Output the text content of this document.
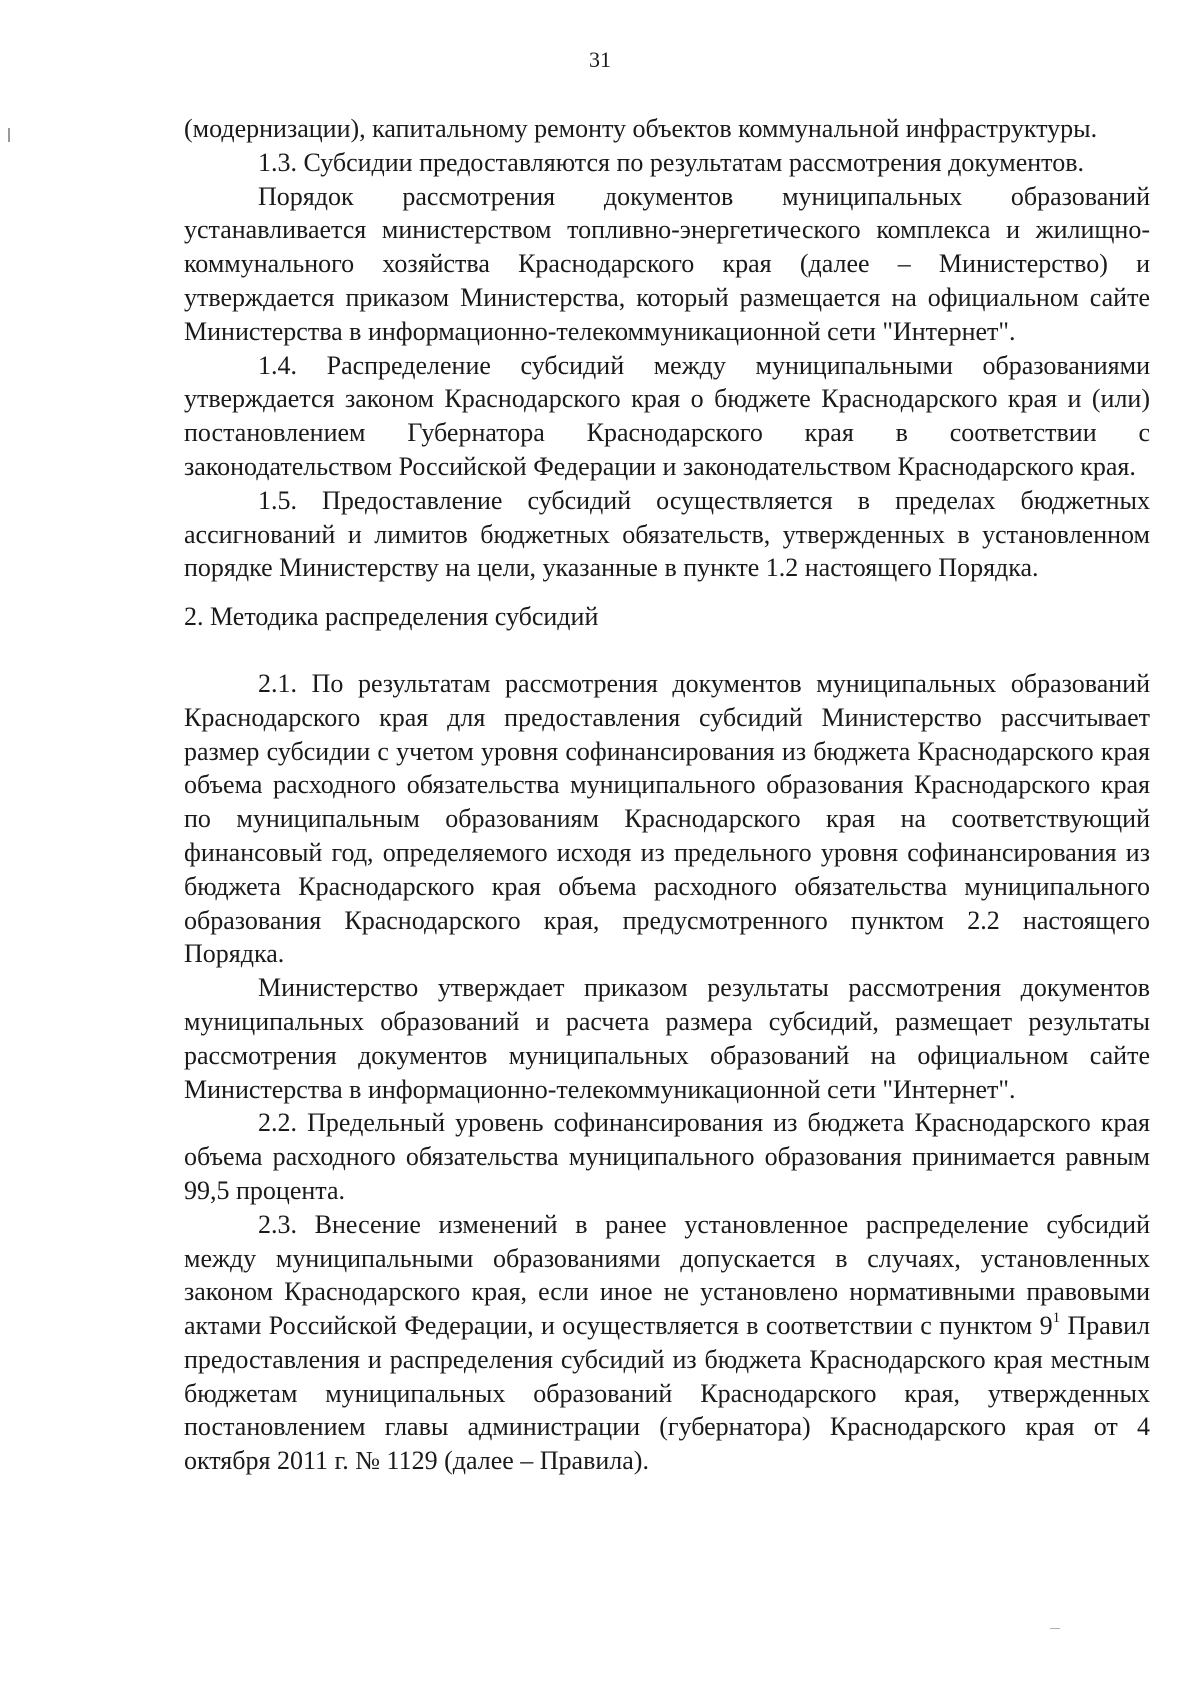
31

(модернизации), капитальному ремонту объектов коммунальной инфраструктуры.

1.3. Субсидии предоставляются по результатам рассмотрения документов.

Порядок рассмотрения документов муниципальных образований устанавливается министерством топливно-энергетического комплекса и жилищно-коммунального хозяйства Краснодарского края (далее – Министерство) и утверждается приказом Министерства, который размещается на официальном сайте Министерства в информационно-телекоммуникационной сети "Интернет".

1.4. Распределение субсидий между муниципальными образованиями утверждается законом Краснодарского края о бюджете Краснодарского края и (или) постановлением Губернатора Краснодарского края в соответствии с законодательством Российской Федерации и законодательством Краснодарского края.

1.5. Предоставление субсидий осуществляется в пределах бюджетных ассигнований и лимитов бюджетных обязательств, утвержденных в установленном порядке Министерству на цели, указанные в пункте 1.2 настоящего Порядка.

2. Методика распределения субсидий

2.1. По результатам рассмотрения документов муниципальных образований Краснодарского края для предоставления субсидий Министерство рассчитывает размер субсидии с учетом уровня софинансирования из бюджета Краснодарского края объема расходного обязательства муниципального образования Краснодарского края по муниципальным образованиям Краснодарского края на соответствующий финансовый год, определяемого исходя из предельного уровня софинансирования из бюджета Краснодарского края объема расходного обязательства муниципального образования Краснодарского края, предусмотренного пунктом 2.2 настоящего Порядка.

Министерство утверждает приказом результаты рассмотрения документов муниципальных образований и расчета размера субсидий, размещает результаты рассмотрения документов муниципальных образований на официальном сайте Министерства в информационно-телекоммуникационной сети "Интернет".

2.2. Предельный уровень софинансирования из бюджета Краснодарского края объема расходного обязательства муниципального образования принимается равным 99,5 процента.

2.3. Внесение изменений в ранее установленное распределение субсидий между муниципальными образованиями допускается в случаях, установленных законом Краснодарского края, если иное не установлено нормативными правовыми актами Российской Федерации, и осуществляется в соответствии с пунктом $9^1$ Правил предоставления и распределения субсидий из бюджета Краснодарского края местным бюджетам муниципальных образований Краснодарского края, утвержденных постановлением главы администрации (губернатора) Краснодарского края от 4 октября 2011 г. № 1129 (далее – Правила).
